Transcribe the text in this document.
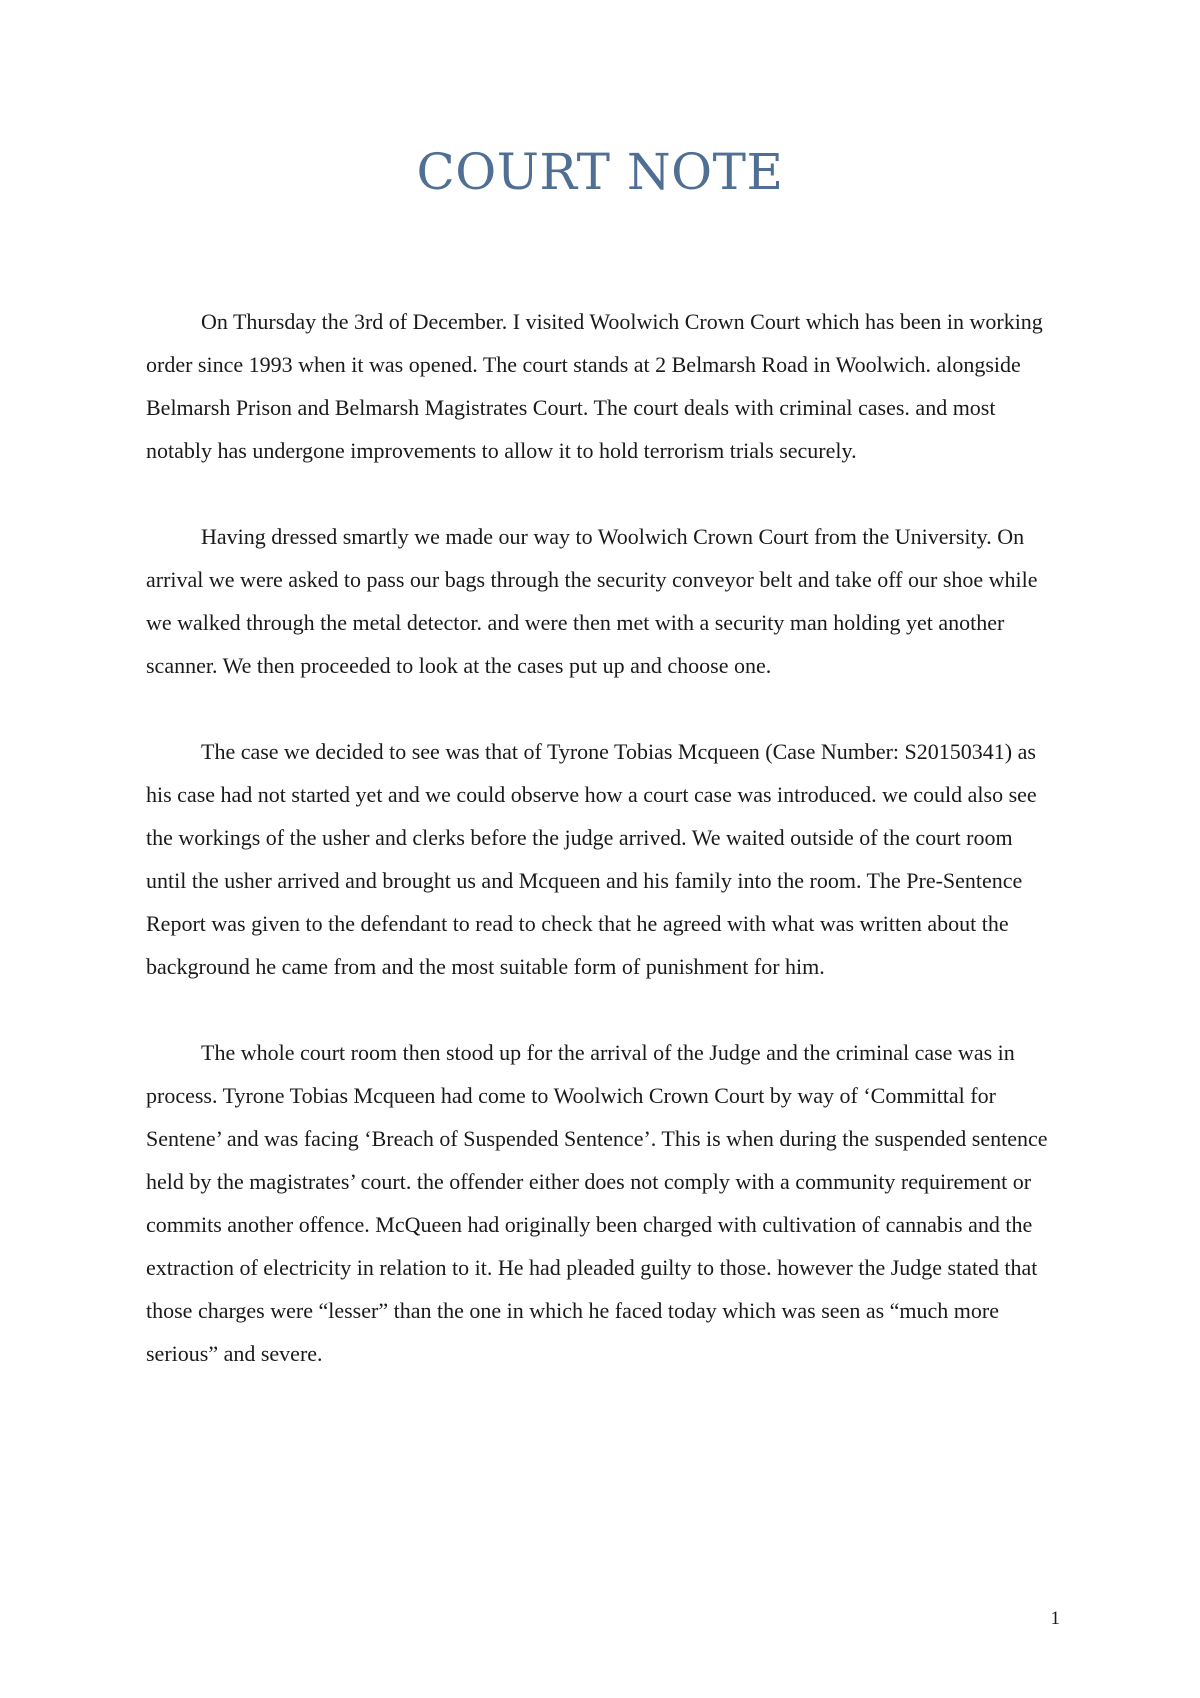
COURT NOTE

On Thursday the 3rd of December. I visited Woolwich Crown Court which has been in working order since 1993 when it was opened. The court stands at 2 Belmarsh Road in Woolwich. alongside Belmarsh Prison and Belmarsh Magistrates Court. The court deals with criminal cases. and most notably has undergone improvements to allow it to hold terrorism trials securely.

Having dressed smartly we made our way to Woolwich Crown Court from the University. On arrival we were asked to pass our bags through the security conveyor belt and take off our shoe while we walked through the metal detector. and were then met with a security man holding yet another scanner. We then proceeded to look at the cases put up and choose one.

The case we decided to see was that of Tyrone Tobias Mcqueen (Case Number: S20150341) as his case had not started yet and we could observe how a court case was introduced. we could also see the workings of the usher and clerks before the judge arrived. We waited outside of the court room until the usher arrived and brought us and Mcqueen and his family into the room. The Pre-Sentence Report was given to the defendant to read to check that he agreed with what was written about the background he came from and the most suitable form of punishment for him.

The whole court room then stood up for the arrival of the Judge and the criminal case was in process. Tyrone Tobias Mcqueen had come to Woolwich Crown Court by way of ‘Committal for Sentene’ and was facing ‘Breach of Suspended Sentence’. This is when during the suspended sentence held by the magistrates’ court. the offender either does not comply with a community requirement or commits another offence. McQueen had originally been charged with cultivation of cannabis and the extraction of electricity in relation to it. He had pleaded guilty to those. however the Judge stated that those charges were “lesser” than the one in which he faced today which was seen as “much more serious” and severe.

1
